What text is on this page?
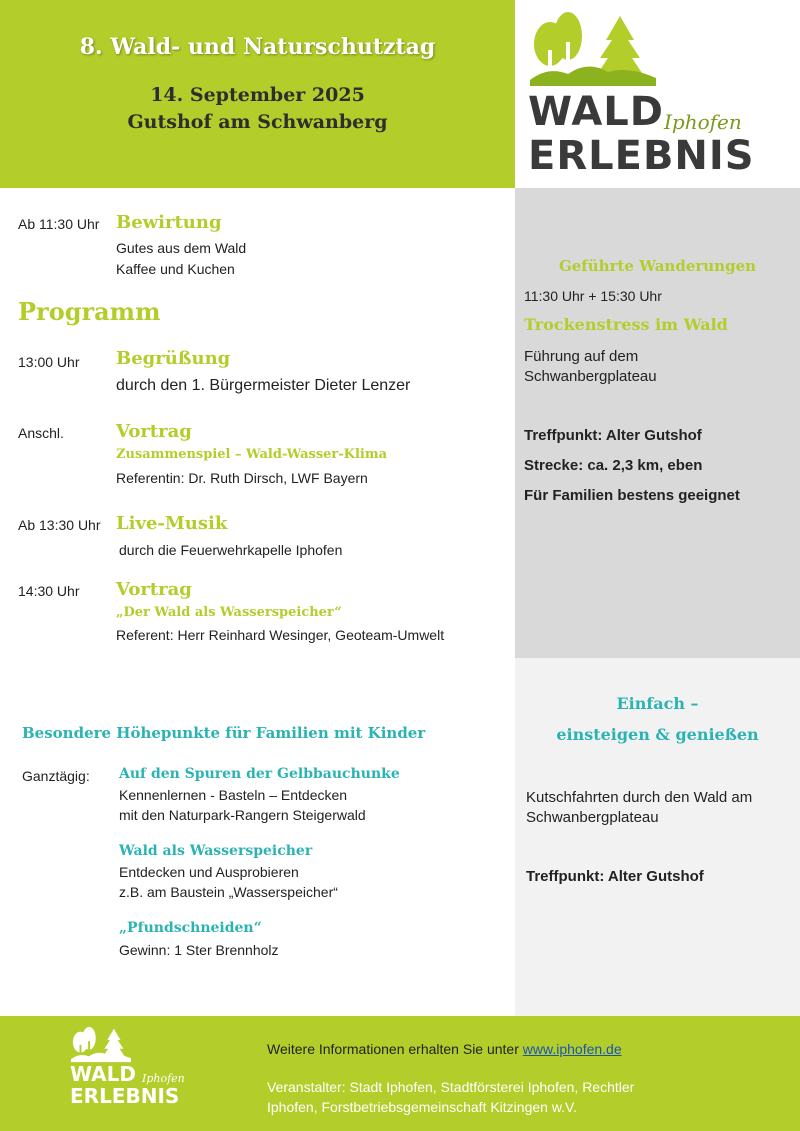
8. Wald- und Naturschutztag
14. September 2025
Gutshof am Schwanberg	WALD Iphofen
ERLEBNIS
Ab 11:30 Uhr Bewirtung
Gutes aus dem Wald
Kaffee und Kuchen
Programm
13:00 Uhr Begrüßung
durch den 1. Bürgermeister Dieter Lenzer
Anschl.	Vortrag
Zusammenspiel – Wald-Wasser-Klima
Referentin: Dr. Ruth Dirsch, LWF Bayern
Ab 13:30 Uhr Live-Musik
durch die Feuerwehrkapelle Iphofen
14:30 Uhr Vortrag
„Der Wald als Wasserspeicher“
Referent: Herr Reinhard Wesinger, Geoteam-Umwelt
Besondere Höhepunkte für Familien mit Kinder
Ganztägig: Auf den Spuren der Gelbbauchunke
Kennenlernen - Basteln – Entdecken
mit den Naturpark-Rangern Steigerwald
Wald als Wasserspeicher
Entdecken und Ausprobieren
z.B. am Baustein „Wasserspeicher“
„Pfundschneiden“
Gewinn: 1 Ster Brennholz
Geführte Wanderungen
11:30 Uhr + 15:30 Uhr
Trockenstress im Wald
Führung auf dem
Schwanbergplateau
Treffpunkt: Alter Gutshof
Strecke: ca. 2,3 km, eben
Für Familien bestens geeignet
Einfach –
einsteigen & genießen
Kutschfahrten durch den Wald am
Schwanbergplateau
Treffpunkt: Alter Gutshof
WALD Iphofen
ERLEBNIS
Weitere Informationen erhalten Sie unter www.iphofen.de
Veranstalter: Stadt Iphofen, Stadtförsterei Iphofen, Rechtler
Iphofen, Forstbetriebsgemeinschaft Kitzingen w.V.
